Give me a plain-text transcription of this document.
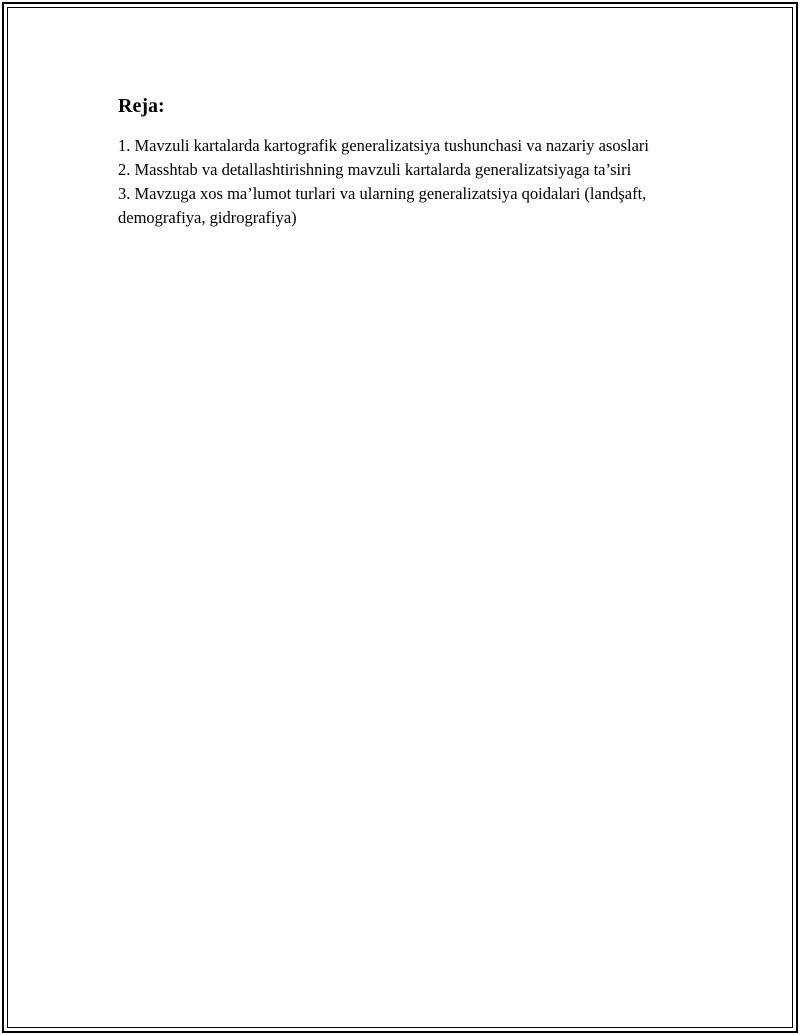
Reja:
1. Mavzuli kartalarda kartografik generalizatsiya tushunchasi va nazariy asoslari
2. Masshtab va detallashtirishning mavzuli kartalarda generalizatsiyaga ta’siri
3. Mavzuga xos ma’lumot turlari va ularning generalizatsiya qoidalari (landşaft, demografiya, gidrografiya)
